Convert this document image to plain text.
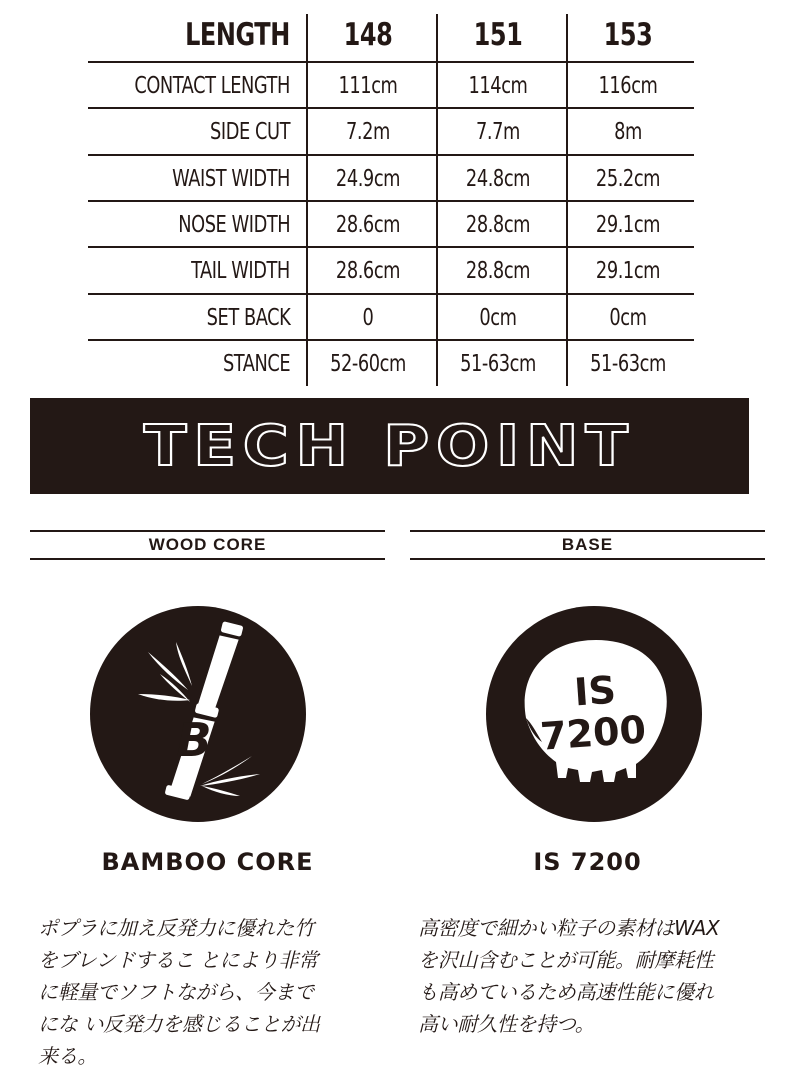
LENGTH	148	151	153
CONTACT LENGTH	111cm	114cm	116cm
SIDE CUT	7.2m	7.7m	8m
WAIST WIDTH	24.9cm	24.8cm	25.2cm
NOSE WIDTH	28.6cm	28.8cm	29.1cm
TAIL WIDTH	28.6cm	28.8cm	29.1cm
SET BACK	0	0cm	0cm
STANCE	52-60cm	51-63cm	51-63cm
TECH POINT
WOOD CORE
B
BAMBOO CORE
ポプラに加え反発力に優れた竹
をブレンドするこ とにより非常
に軽量でソフトながら、今まで
にな い反発力を感じることが出
来る。
BASE
IS
7200
IS 7200
高密度で細かい粒子の素材はWAX
を沢山含むことが可能。耐摩耗性
も高めているため高速性能に優れ
高い耐久性を持つ。
